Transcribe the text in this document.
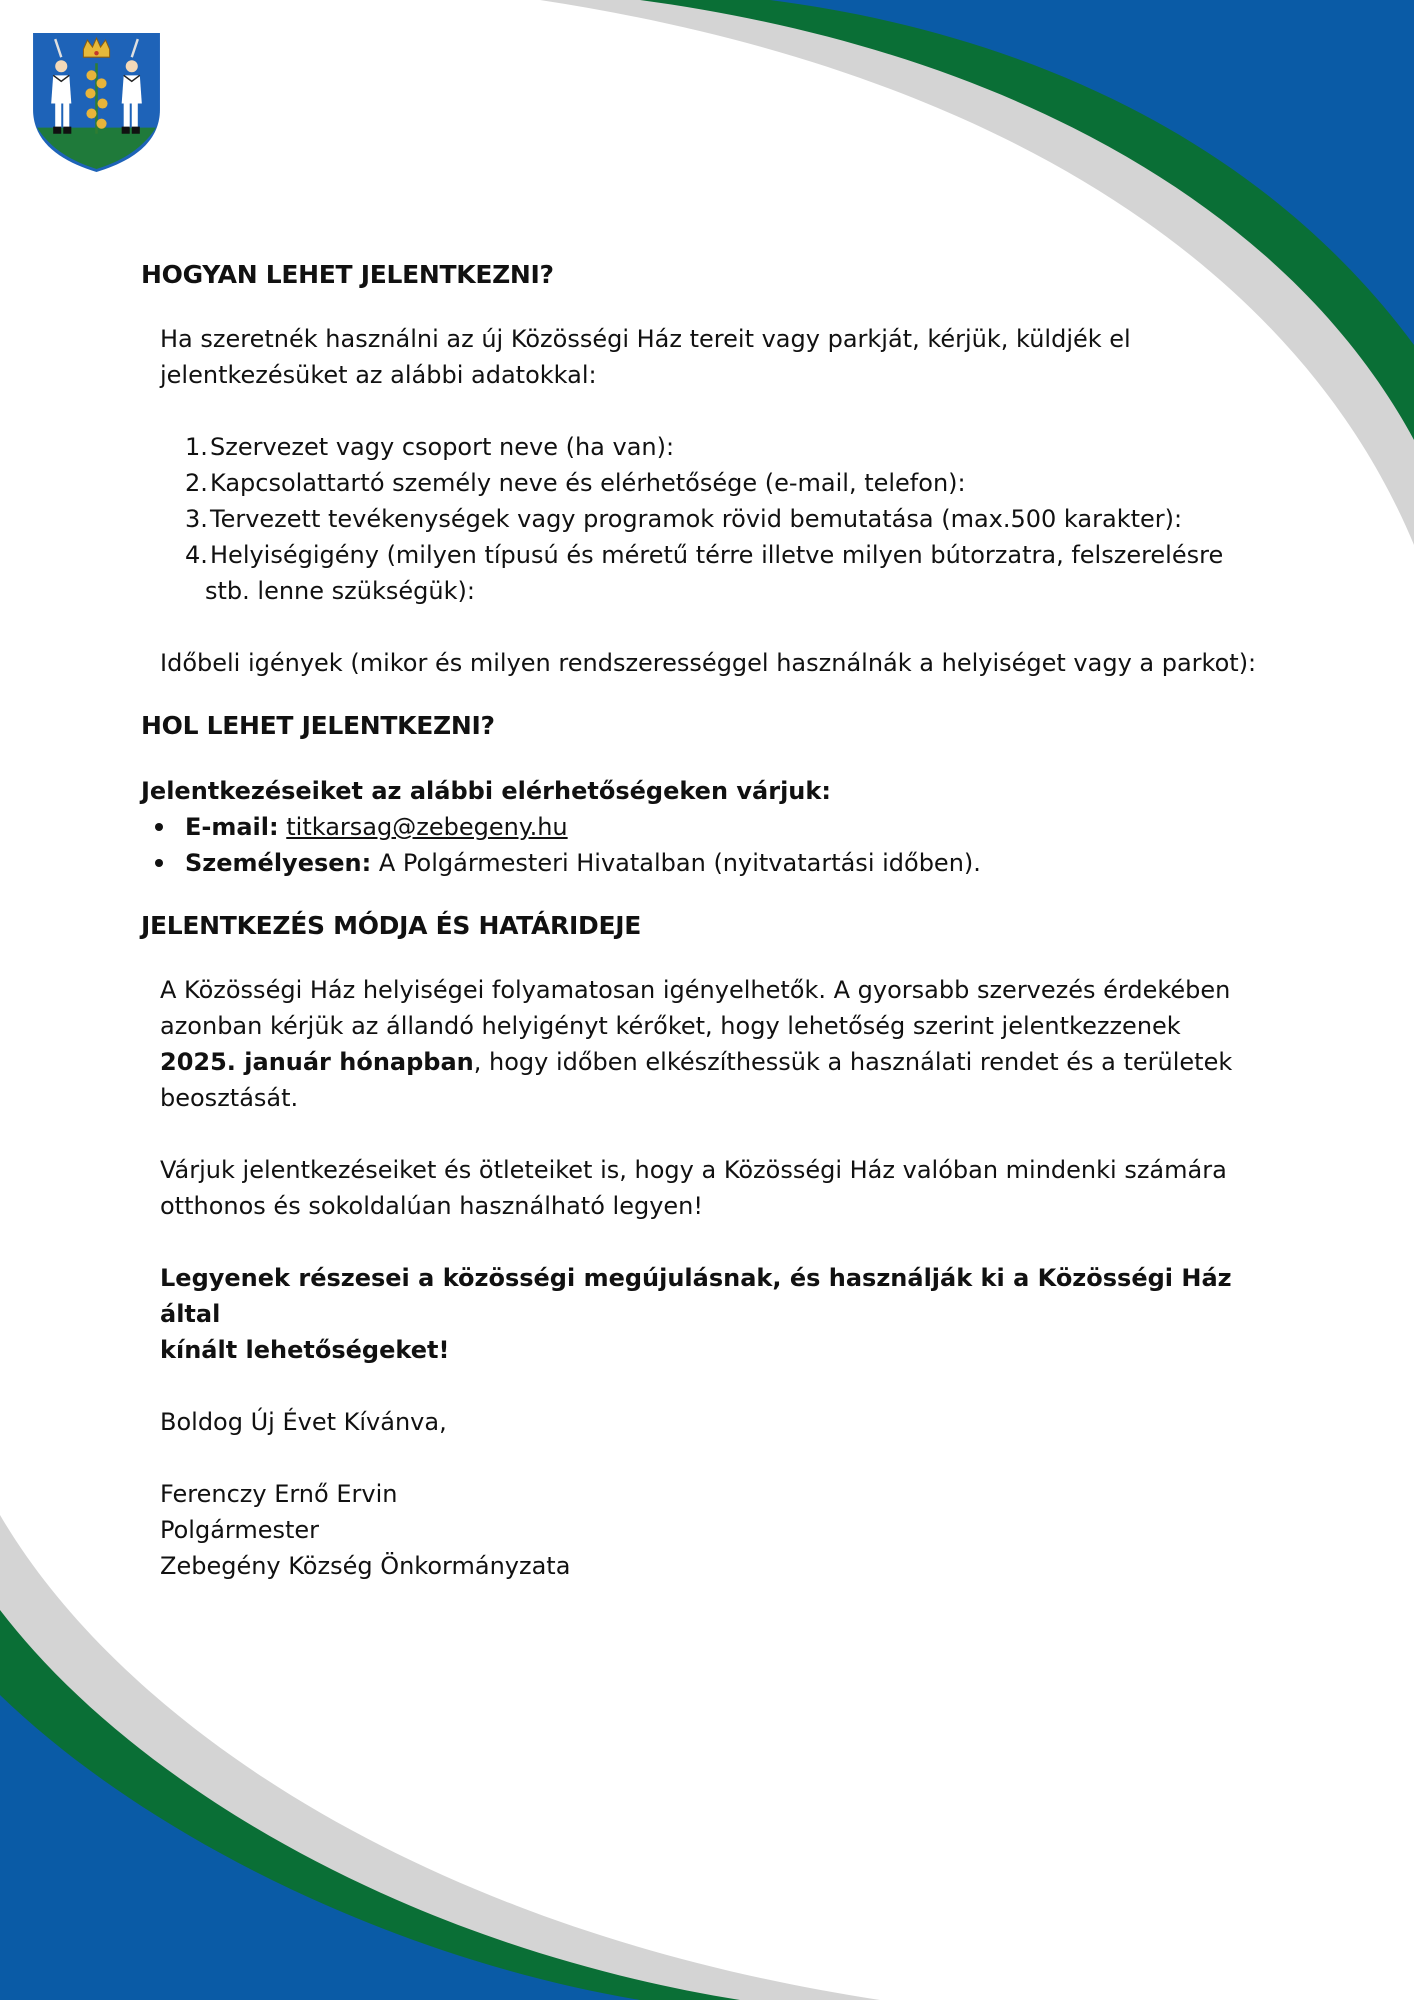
HOGYAN LEHET JELENTKEZNI?

Ha szeretnék használni az új Közösségi Ház tereit vagy parkját, kérjük, küldjék el

jelentkezésüket az alábbi adatokkal:

1. Szervezet vagy csoport neve (ha van):
2. Kapcsolattartó személy neve és elérhetősége (e-mail, telefon):
3. Tervezett tevékenységek vagy programok rövid bemutatása (max.500 karakter):
4. Helyiségigény (milyen típusú és méretű térre illetve milyen bútorzatra, felszerelésre
stb. lenne szükségük):

Időbeli igények (mikor és milyen rendszerességgel használnák a helyiséget vagy a parkot):

HOL LEHET JELENTKEZNI?

Jelentkezéseiket az alábbi elérhetőségeken várjuk:

E-mail: titkarsag@zebegeny.hu
Személyesen: A Polgármesteri Hivatalban (nyitvatartási időben).
JELENTKEZÉS MÓDJA ÉS HATÁRIDEJE

A Közösségi Ház helyiségei folyamatosan igényelhetők. A gyorsabb szervezés érdekében

azonban kérjük az állandó helyigényt kérőket, hogy lehetőség szerint jelentkezzenek

2025. január hónapban, hogy időben elkészíthessük a használati rendet és a területek

beosztását.

Várjuk jelentkezéseiket és ötleteiket is, hogy a Közösségi Ház valóban mindenki számára

otthonos és sokoldalúan használható legyen!

Legyenek részesei a közösségi megújulásnak, és használják ki a Közösségi Ház által

kínált lehetőségeket!

Boldog Új Évet Kívánva,

Ferenczy Ernő Ervin

Polgármester

Zebegény Község Önkormányzata
